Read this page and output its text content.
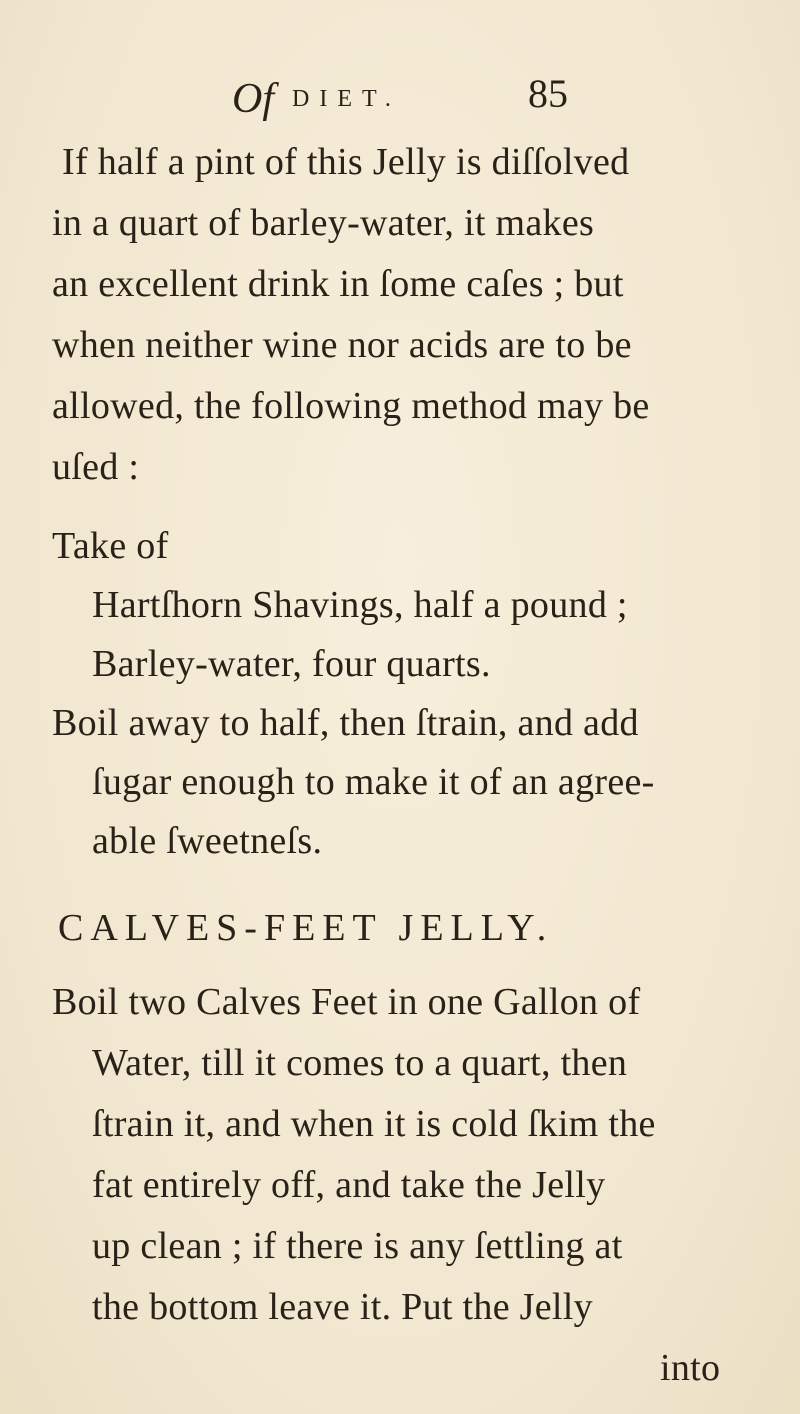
Of DIET.	85
If half a pint of this Jelly is diſſolved
in a quart of barley-water, it makes
an excellent drink in ſome caſes ; but
when neither wine nor acids are to be
allowed, the following method may be
uſed :
Take of
Hartſhorn Shavings, half a pound ;
Barley-water, four quarts.
Boil away to half, then ſtrain, and add
ſugar enough to make it of an agree-
able ſweetneſs.
CALVES-FEET JELLY.
Boil two Calves Feet in one Gallon of
Water, till it comes to a quart, then
ſtrain it, and when it is cold ſkim the
fat entirely off, and take the Jelly
up clean ; if there is any ſettling at
the bottom leave it. Put the Jelly
into
